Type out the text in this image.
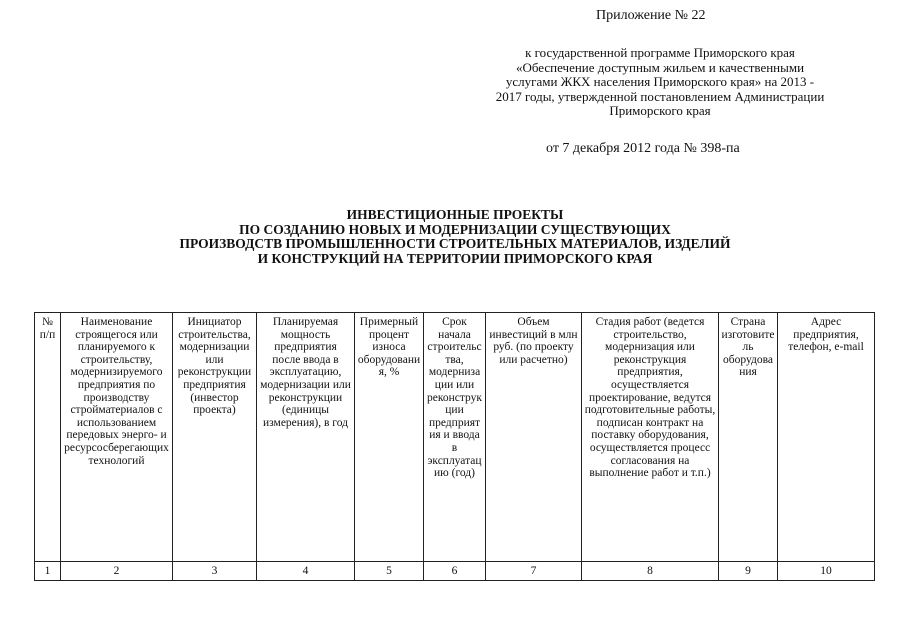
Приложение № 22
к государственной программе Приморского края
«Обеспечение доступным жильем и качественными
услугами ЖКХ населения Приморского края» на 2013 -
2017 годы, утвержденной постановлением Администрации
Приморского края
от 7 декабря 2012 года № 398-па
ИНВЕСТИЦИОННЫЕ ПРОЕКТЫ
ПО СОЗДАНИЮ НОВЫХ И МОДЕРНИЗАЦИИ СУЩЕСТВУЮЩИХ
ПРОИЗВОДСТВ ПРОМЫШЛЕННОСТИ СТРОИТЕЛЬНЫХ МАТЕРИАЛОВ, ИЗДЕЛИЙ
И КОНСТРУКЦИЙ НА ТЕРРИТОРИИ ПРИМОРСКОГО КРАЯ
№ п/п	Наименование строящегося или планируемого к строительству, модернизируемого предприятия по производству стройматериалов с использованием передовых энерго- и ресурсосберегающих технологий	Инициатор строительства, модернизации или реконструкции предприятия (инвестор проекта)	Планируемая мощность предприятия после ввода в эксплуатацию, модернизации или реконструкции (единицы измерения), в год	Примерный процент износа оборудования, %	Срок начала строительства, модернизации или реконструкции предприятия и ввода в эксплуатацию (год)	Объем инвестиций в млн руб. (по проекту или расчетно)	Стадия работ (ведется строительство, модернизация или реконструкция предприятия, осуществляется проектирование, ведутся подготовительные работы, подписан контракт на поставку оборудования, осуществляется процесс согласования на выполнение работ и т.п.)	Страна изготовитель оборудования	Адрес предприятия, телефон, e-mail
1	2	3	4	5	6	7	8	9	10
